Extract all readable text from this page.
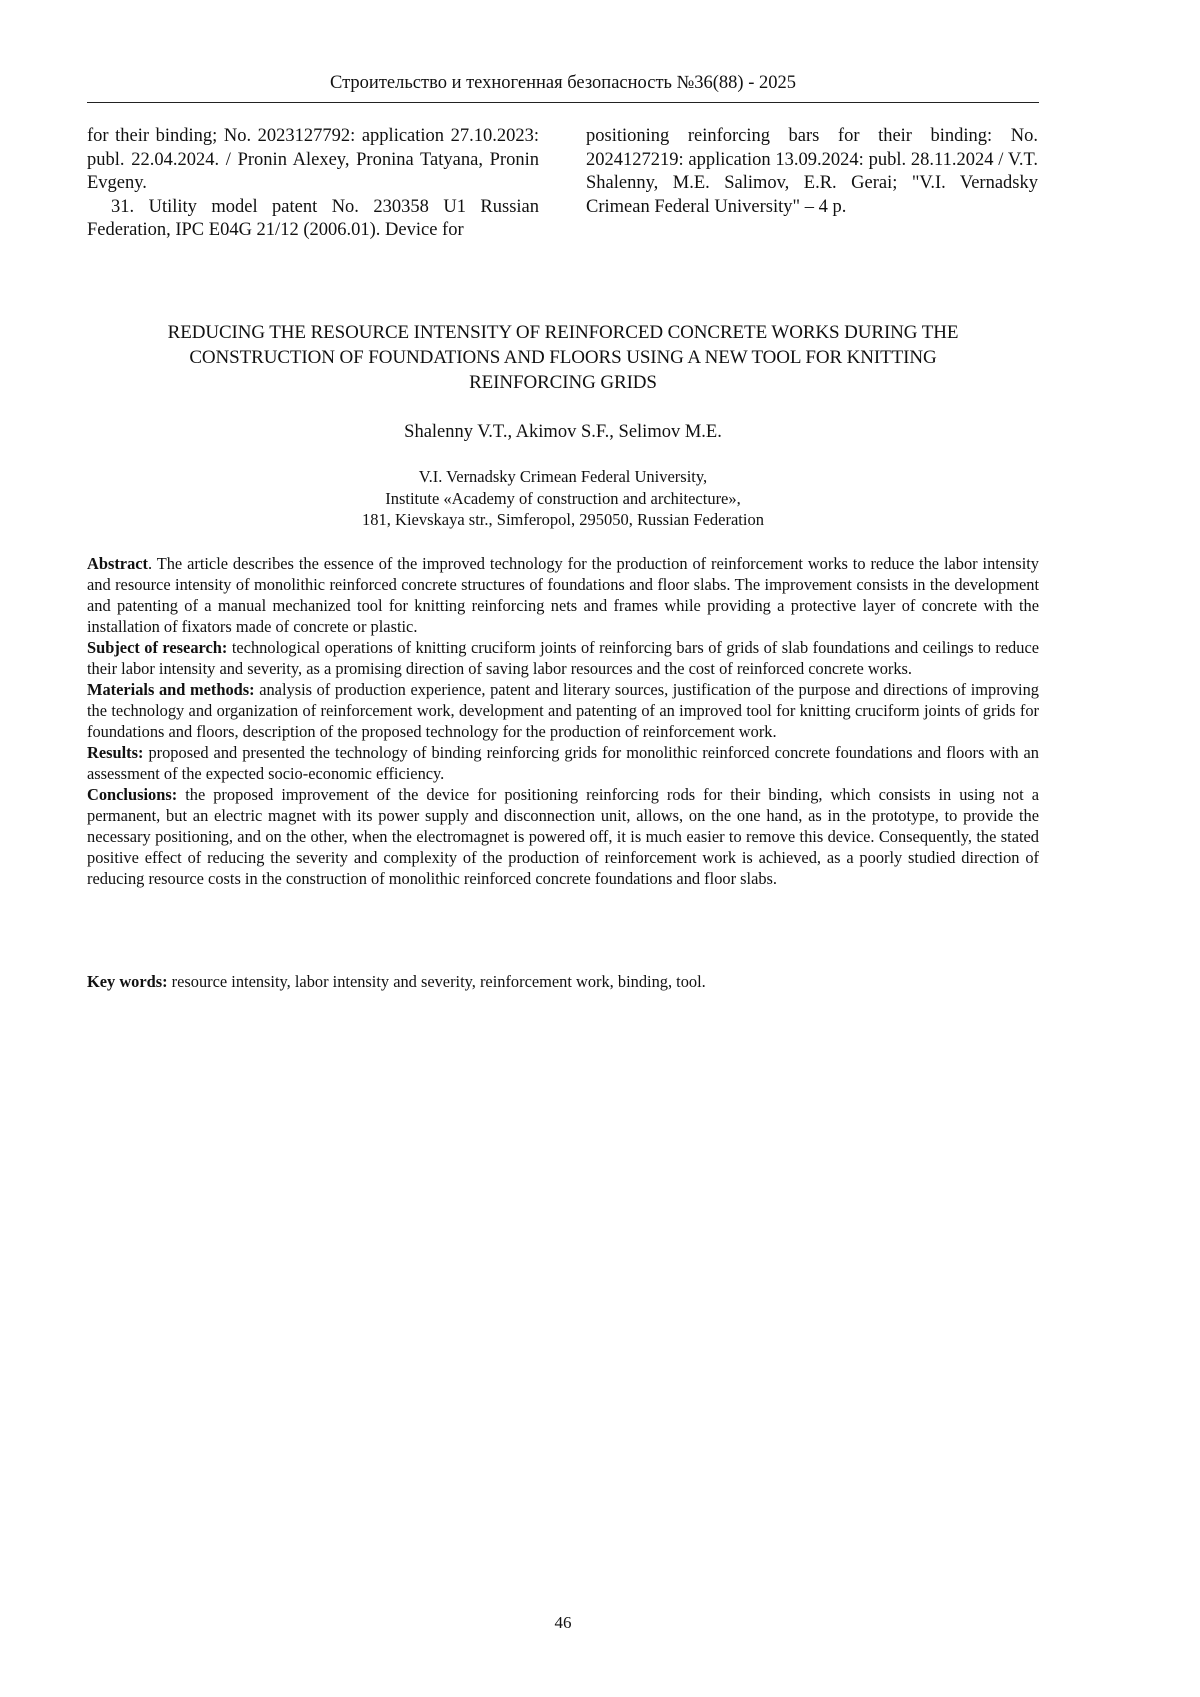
Строительство и техногенная безопасность №36(88) - 2025

for their binding; No. 2023127792: application 27.10.2023: publ. 22.04.2024. / Pronin Alexey, Pronina Tatyana, Pronin Evgeny.

31. Utility model patent No. 230358 U1 Russian Federation, IPC E04G 21/12 (2006.01). Device for

positioning reinforcing bars for their binding: No. 2024127219: application 13.09.2024: publ. 28.11.2024 / V.T. Shalenny, M.E. Salimov, E.R. Gerai; "V.I. Vernadsky Crimean Federal University" – 4 p.

REDUCING THE RESOURCE INTENSITY OF REINFORCED CONCRETE WORKS DURING THE
CONSTRUCTION OF FOUNDATIONS AND FLOORS USING A NEW TOOL FOR KNITTING
REINFORCING GRIDS
Shalenny V.T., Akimov S.F., Selimov M.E.
V.I. Vernadsky Crimean Federal University,
Institute «Academy of construction and architecture»,
181, Kievskaya str., Simferopol, 295050, Russian Federation

Abstract. The article describes the essence of the improved technology for the production of reinforcement works to reduce the labor intensity and resource intensity of monolithic reinforced concrete structures of foundations and floor slabs. The improvement consists in the development and patenting of a manual mechanized tool for knitting reinforcing nets and frames while providing a protective layer of concrete with the installation of fixators made of concrete or plastic.

Subject of research: technological operations of knitting cruciform joints of reinforcing bars of grids of slab foundations and ceilings to reduce their labor intensity and severity, as a promising direction of saving labor resources and the cost of reinforced concrete works.

Materials and methods: analysis of production experience, patent and literary sources, justification of the purpose and directions of improving the technology and organization of reinforcement work, development and patenting of an improved tool for knitting cruciform joints of grids for foundations and floors, description of the proposed technology for the production of reinforcement work.

Results: proposed and presented the technology of binding reinforcing grids for monolithic reinforced concrete foundations and floors with an assessment of the expected socio-economic efficiency.

Conclusions: the proposed improvement of the device for positioning reinforcing rods for their binding, which consists in using not a permanent, but an electric magnet with its power supply and disconnection unit, allows, on the one hand, as in the prototype, to provide the necessary positioning, and on the other, when the electromagnet is powered off, it is much easier to remove this device. Consequently, the stated positive effect of reducing the severity and complexity of the production of reinforcement work is achieved, as a poorly studied direction of reducing resource costs in the construction of monolithic reinforced concrete foundations and floor slabs.

Key words: resource intensity, labor intensity and severity, reinforcement work, binding, tool.
46
